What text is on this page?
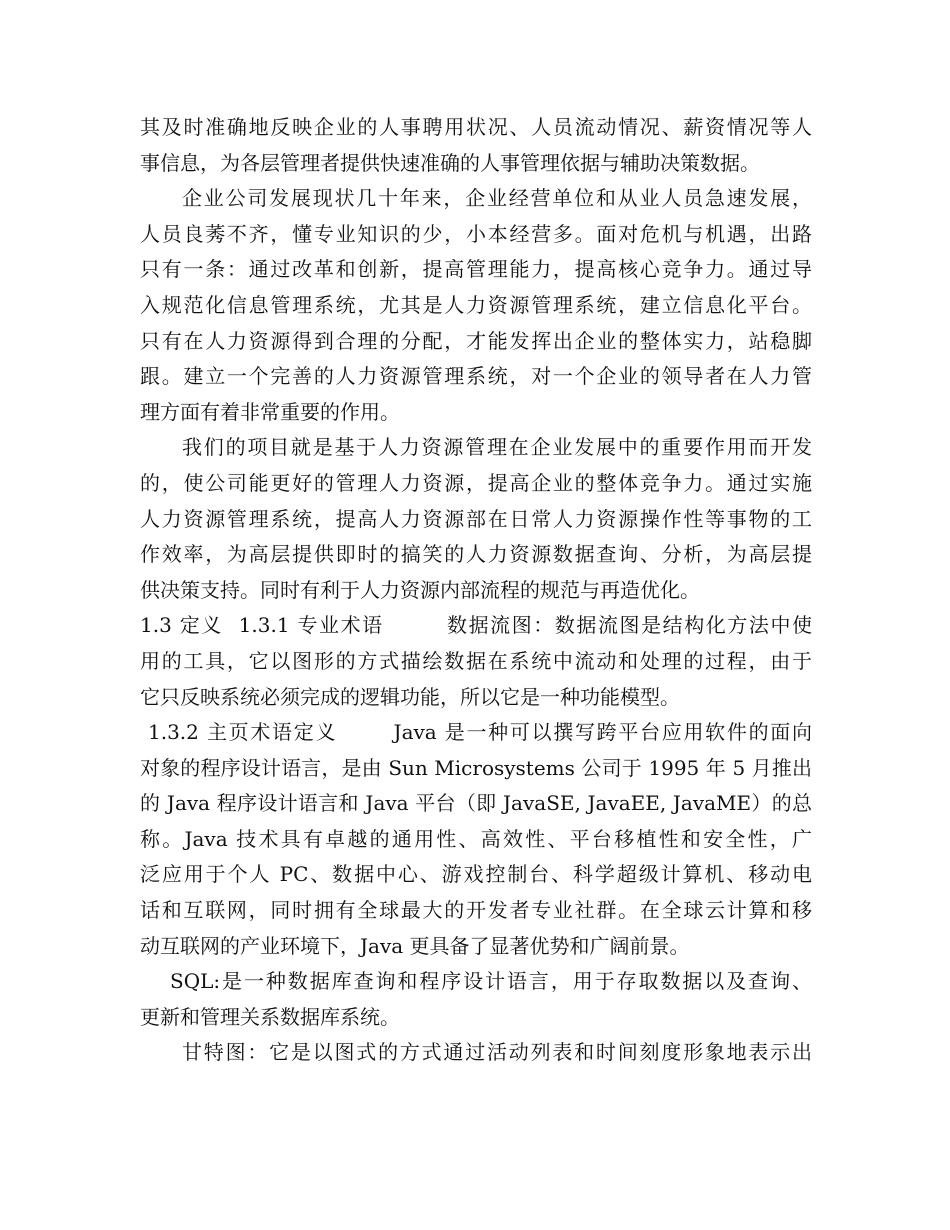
其及时准确地反映企业的人事聘用状况、人员流动情况、薪资情况等人
事信息，为各层管理者提供快速准确的人事管理依据与辅助决策数据。
企业公司发展现状几十年来，企业经营单位和从业人员急速发展，
人员良莠不齐，懂专业知识的少，小本经营多。面对危机与机遇，出路
只有一条：通过改革和创新，提高管理能力，提高核心竞争力。通过导
入规范化信息管理系统，尤其是人力资源管理系统，建立信息化平台。
只有在人力资源得到合理的分配，才能发挥出企业的整体实力，站稳脚
跟。建立一个完善的人力资源管理系统，对一个企业的领导者在人力管
理方面有着非常重要的作用。
我们的项目就是基于人力资源管理在企业发展中的重要作用而开发
的，使公司能更好的管理人力资源，提高企业的整体竞争力。通过实施
人力资源管理系统，提高人力资源部在日常人力资源操作性等事物的工
作效率，为高层提供即时的搞笑的人力资源数据查询、分析，为高层提
供决策支持。同时有利于人力资源内部流程的规范与再造优化。
1.3 定义  1.3.1 专业术语        数据流图：数据流图是结构化方法中使
用的工具，它以图形的方式描绘数据在系统中流动和处理的过程，由于
它只反映系统必须完成的逻辑功能，所以它是一种功能模型。
1.3.2 主页术语定义       Java 是一种可以撰写跨平台应用软件的面向
对象的程序设计语言，是由 Sun Microsystems 公司于 1995 年 5 月推出
的 Java 程序设计语言和 Java 平台（即 JavaSE, JavaEE, JavaME）的总
称。Java 技术具有卓越的通用性、高效性、平台移植性和安全性，广
泛应用于个人 PC、数据中心、游戏控制台、科学超级计算机、移动电
话和互联网，同时拥有全球最大的开发者专业社群。在全球云计算和移
动互联网的产业环境下，Java 更具备了显著优势和广阔前景。
SQL:是一种数据库查询和程序设计语言，用于存取数据以及查询、
更新和管理关系数据库系统。
甘特图：它是以图式的方式通过活动列表和时间刻度形象地表示出
